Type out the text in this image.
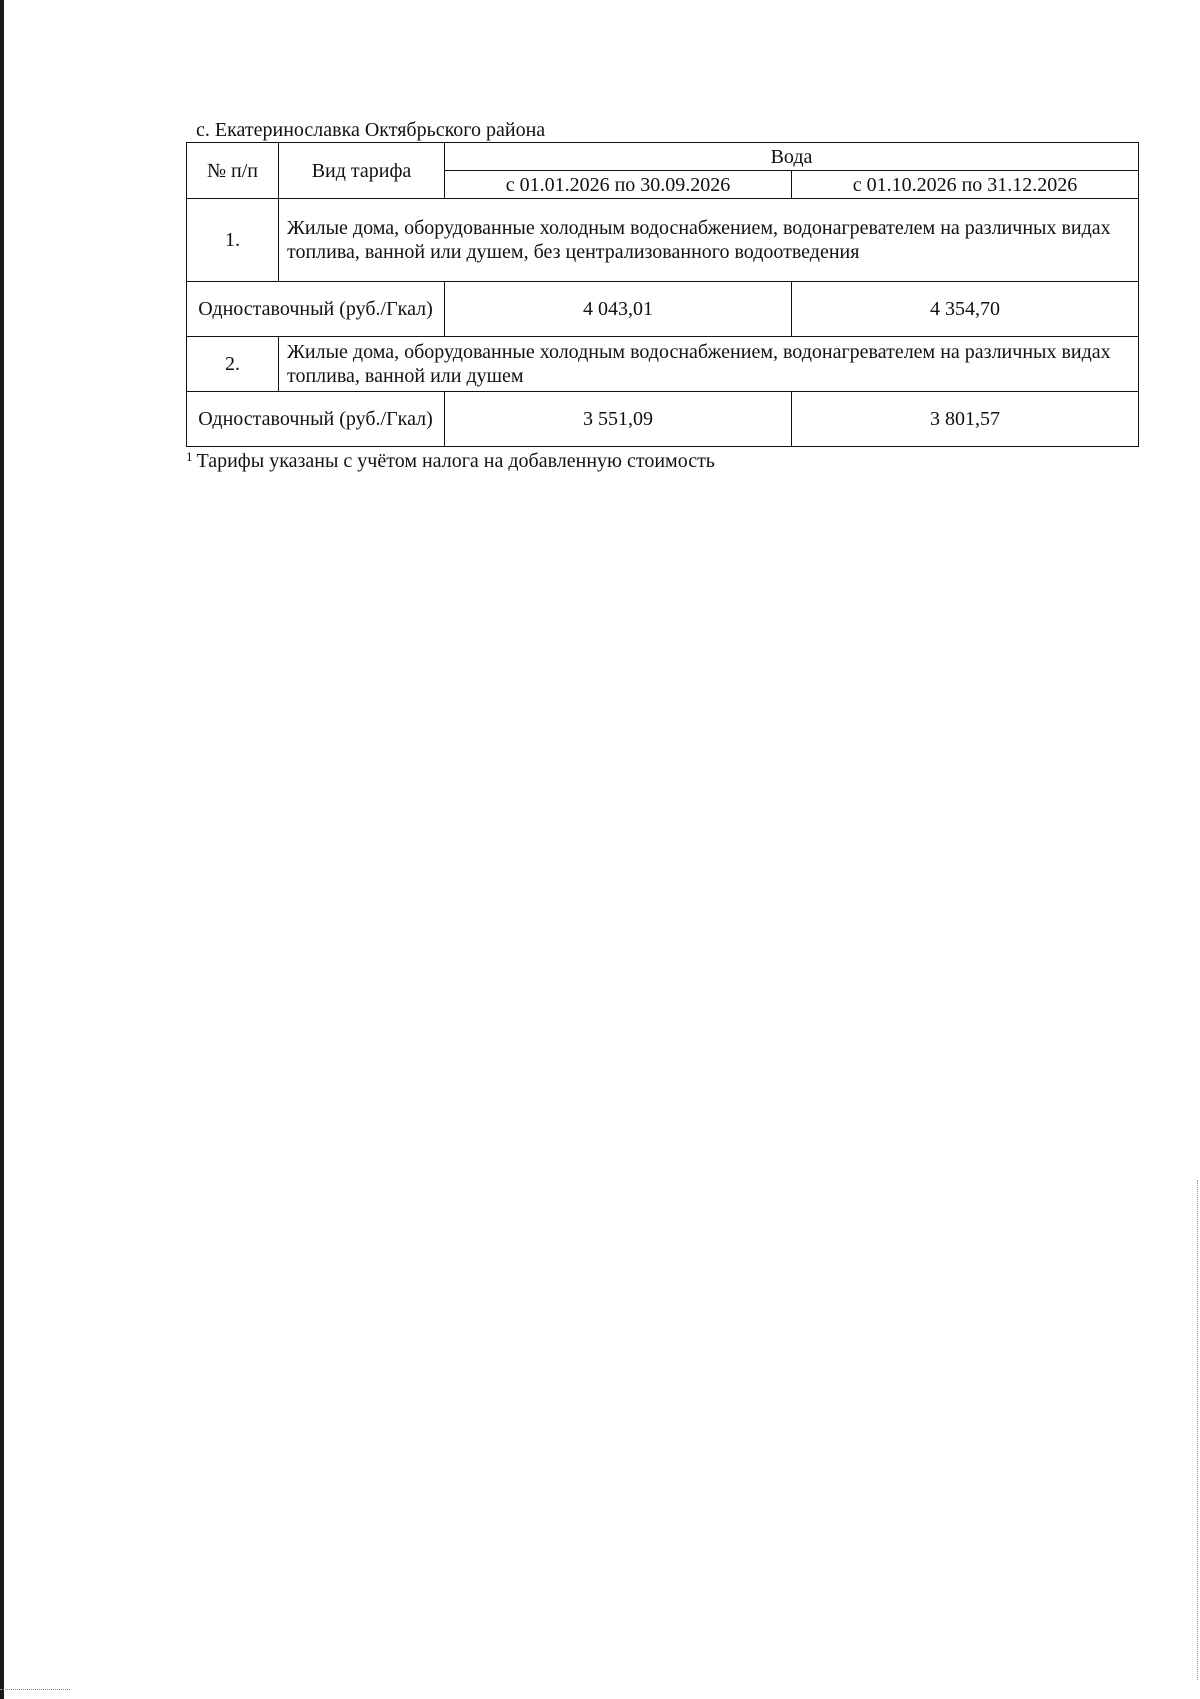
с. Екатеринославка Октябрьского района
№ п/п	Вид тарифа	Вода	
		с 01.01.2026 по 30.09.2026	с 01.10.2026 по 31.12.2026
1.	Жилые дома, оборудованные холодным водоснабжением, водонагревателем на различных видах топлива, ванной или душем, без централизованного водоотведения		
Одноставочный (руб./Гкал)		4 043,01	4 354,70
2.	Жилые дома, оборудованные холодным водоснабжением, водонагревателем на различных видах топлива, ванной или душем		
Одноставочный (руб./Гкал)		3 551,09	3 801,57
$^1$ Тарифы указаны с учётом налога на добавленную стоимость
